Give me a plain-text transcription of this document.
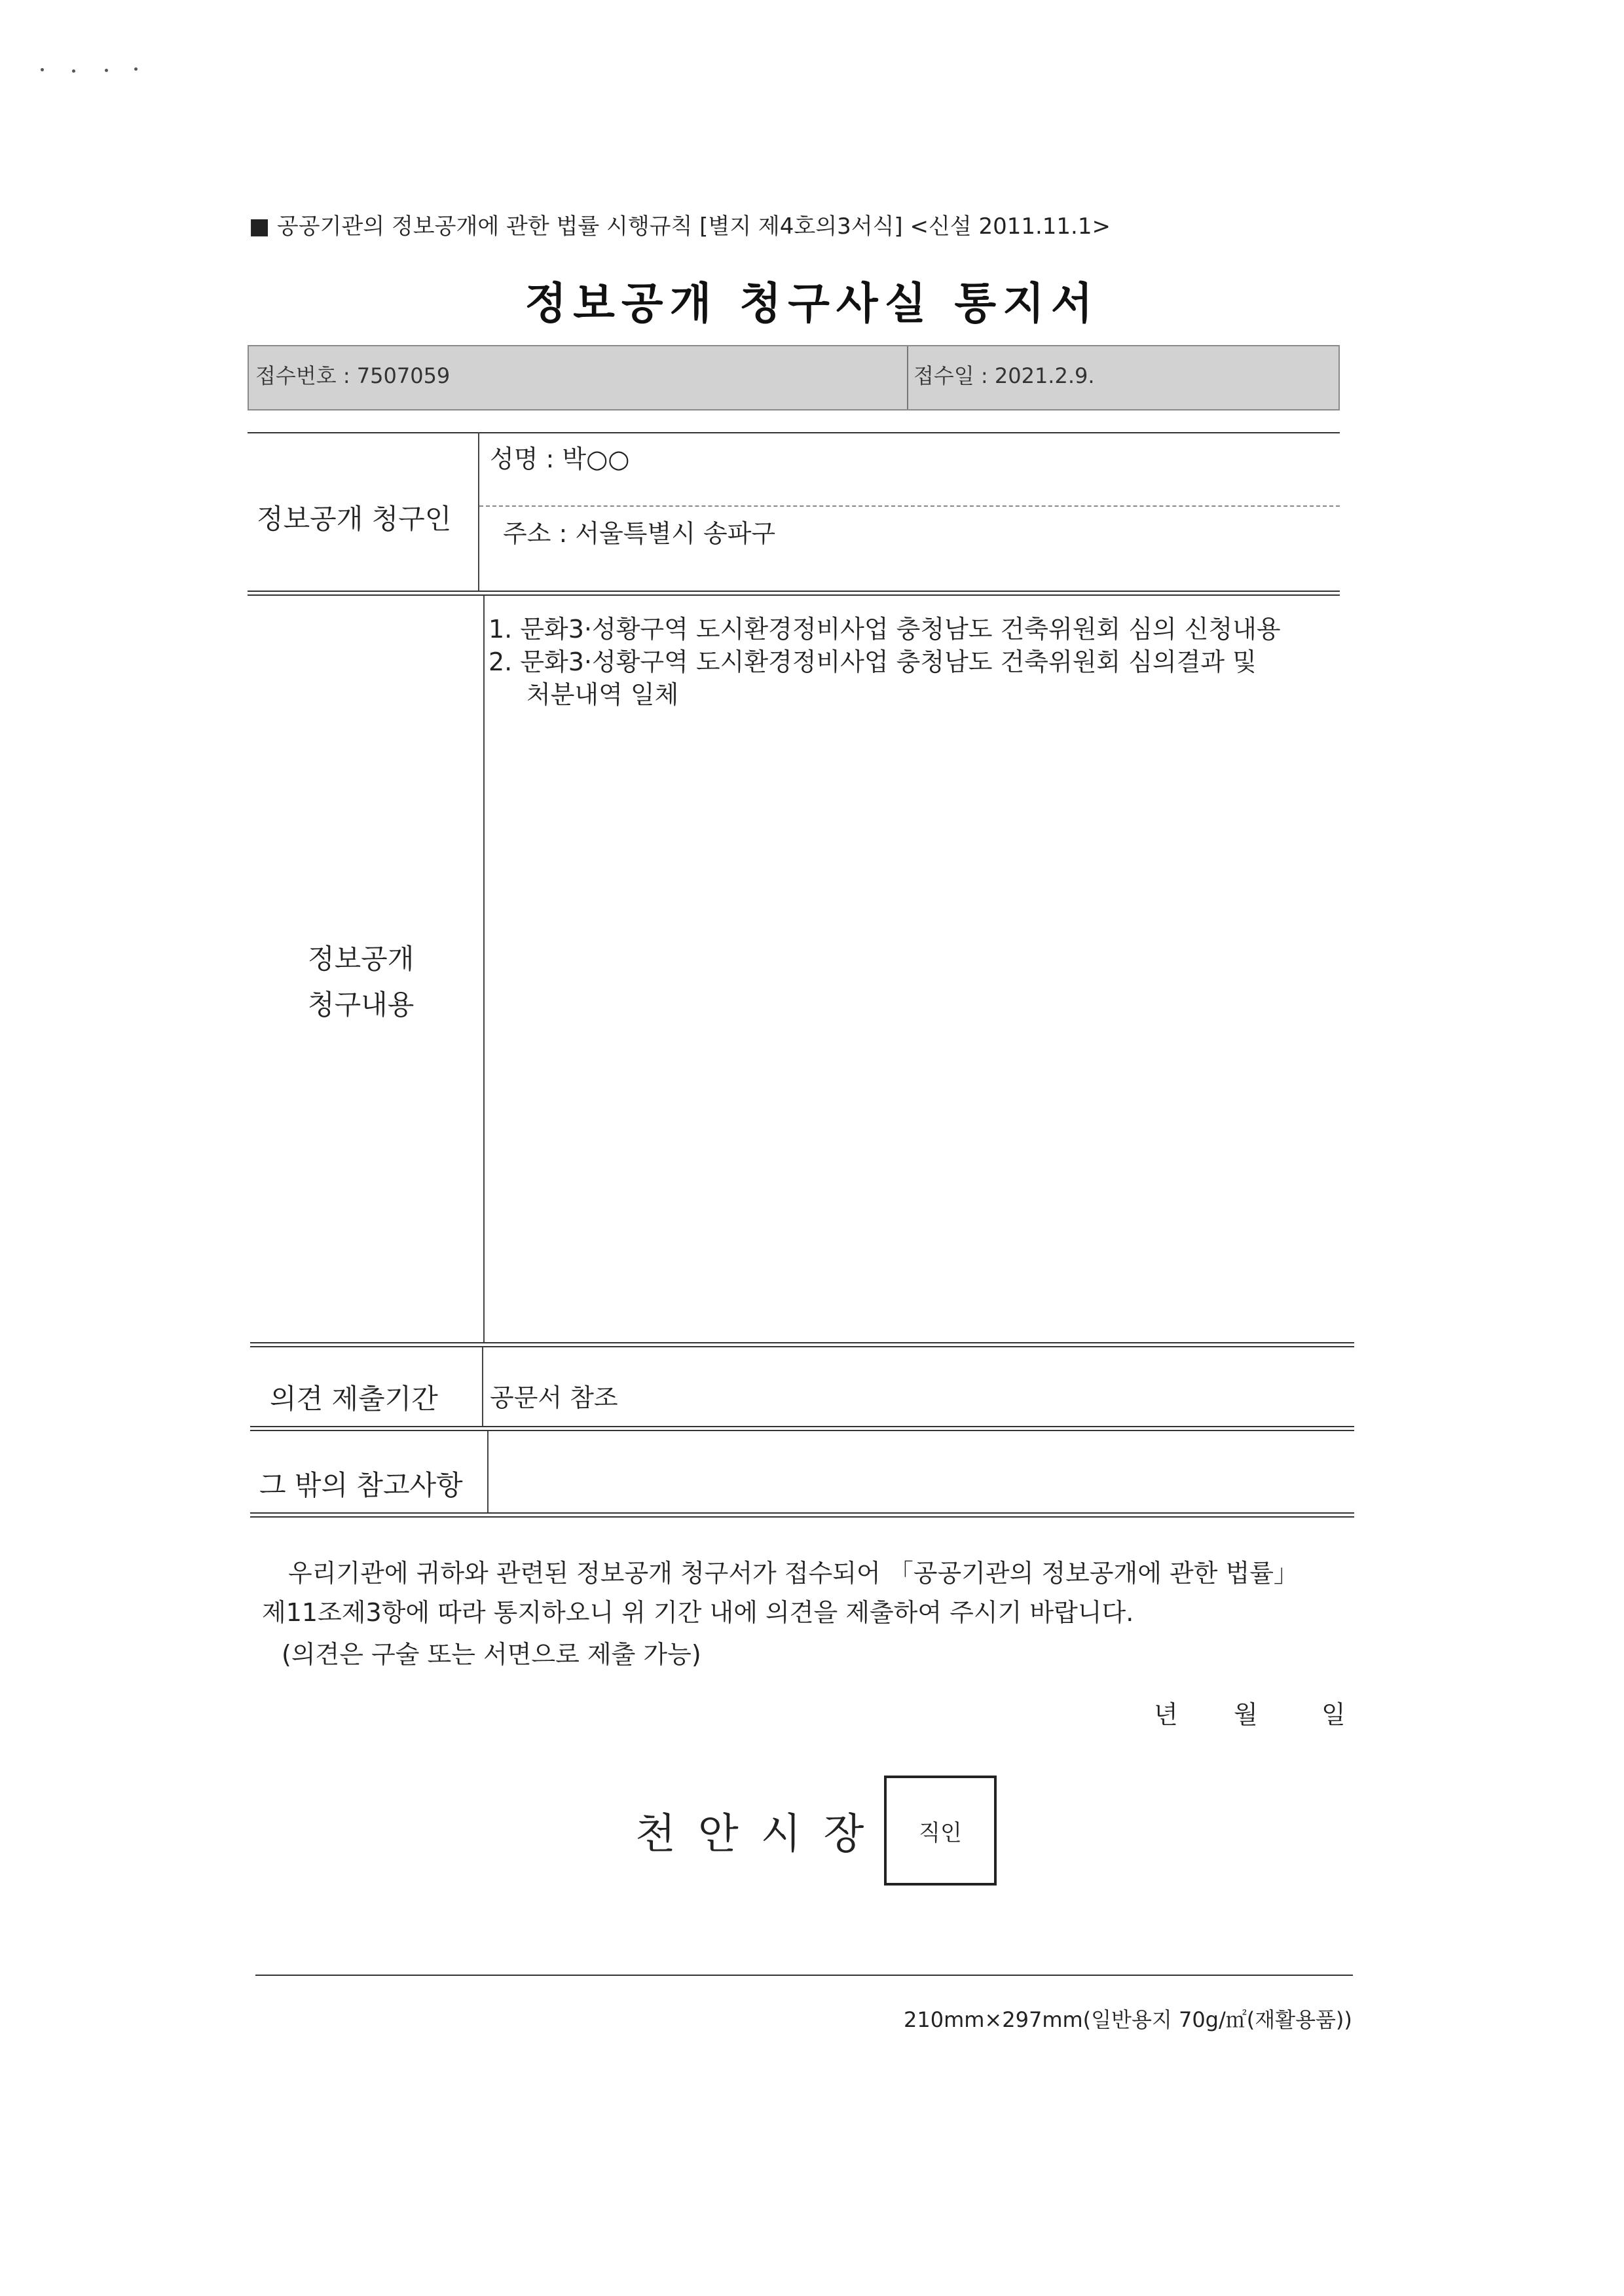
■ 공공기관의 정보공개에 관한 법률 시행규칙 [별지 제4호의3서식] <신설 2011.11.1>
정보공개 청구사실 통지서
접수번호 : 7507059	접수일 : 2021.2.9.
정보공개 청구인
성명 : 박○○
주소 : 서울특별시 송파구
정보공개
청구내용
1. 문화3·성황구역 도시환경정비사업 충청남도 건축위원회 심의 신청내용
2. 문화3·성황구역 도시환경정비사업 충청남도 건축위원회 심의결과 및
처분내역 일체
의견 제출기간 공문서 참조
그 밖의 참고사항
우리기관에 귀하와 관련된 정보공개 청구서가 접수되어 「공공기관의 정보공개에 관한 법률」
제11조제3항에 따라 통지하오니 위 기간 내에 의견을 제출하여 주시기 바랍니다.
(의견은 구술 또는 서면으로 제출 가능)
년 월	일
천안시장 직인
210mm×297mm(일반용지 70g/㎡(재활용품))
